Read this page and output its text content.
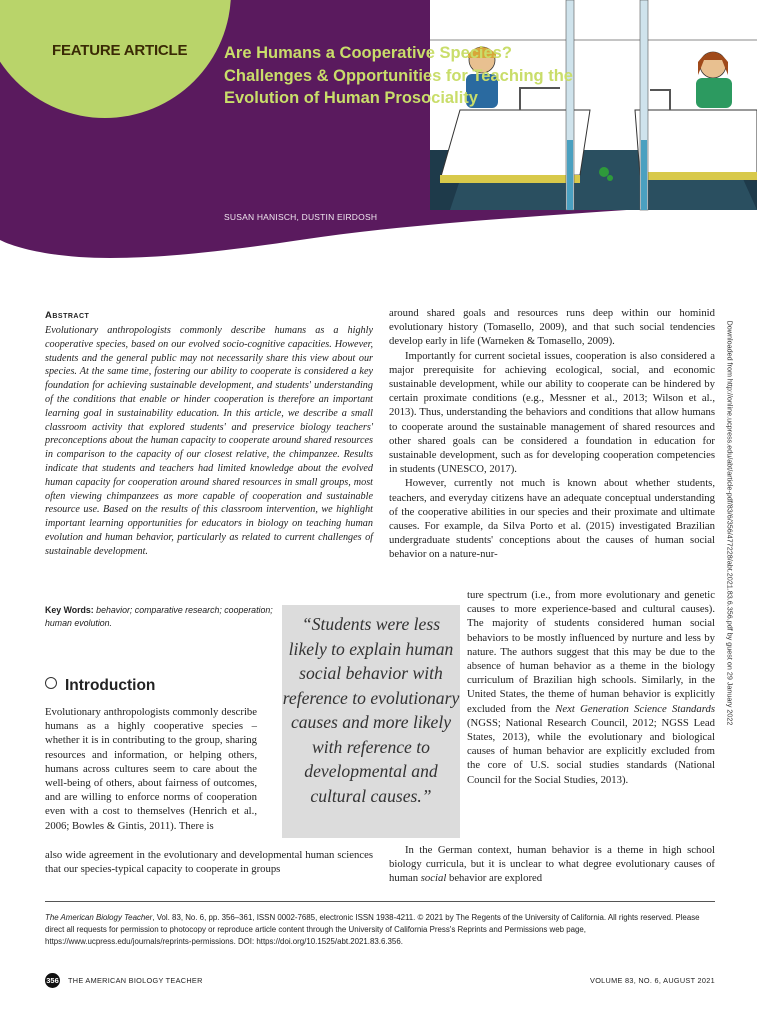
FEATURE ARTICLE Are Humans a Cooperative Species? Challenges & Opportunities for Teaching the Evolution of Human Prosociality
SUSAN HANISCH, DUSTIN EIRDOSH
Downloaded from http://online.ucpress.edu/abt/article-pdf/83/6/356/477228/abt.2021.83.6.356.pdf by guest on 29 January 2022
Abstract
Evolutionary anthropologists commonly describe humans as a highly cooperative species, based on our evolved socio-cognitive capacities. However, students and the general public may not necessarily share this view about our species. At the same time, fostering our ability to cooperate is considered a key foundation for achieving sustainable development, and students' understanding of the conditions that enable or hinder cooperation is therefore an important learning goal in sustainability education. In this article, we describe a small classroom activity that explored students' and preservice biology teachers' preconceptions about the human capacity to cooperate around shared resources in comparison to the capacity of our closest relative, the chimpanzee. Results indicate that students and teachers had limited knowledge about the evolved human capacity for cooperation around shared resources in small groups, most often viewing chimpanzees as more capable of cooperation and sustainable resource use. Based on the results of this classroom intervention, we highlight important learning opportunities for educators in biology on teaching human evolution and human behavior, particularly as related to current challenges of sustainable development.
Key Words: behavior; comparative research; cooperation; human evolution.	“Students were less likely to explain human social behavior with reference to evolutionary causes and more likely with reference to developmental and cultural causes.”
Introduction
Evolutionary anthropologists commonly describe humans as a highly cooperative species – whether it is in contributing to the group, sharing resources and information, or helping others, humans across cultures seem to care about the well-being of others, about fairness of outcomes, and are willing to enforce norms of cooperation even with a cost to themselves (Henrich et al., 2006; Bowles & Gintis, 2011). There is
also wide agreement in the evolutionary and developmental human sciences that our species-typical capacity to cooperate in groups
around shared goals and resources runs deep within our hominid evolutionary history (Tomasello, 2009), and that such social tendencies develop early in life (Warneken & Tomasello, 2009).
Importantly for current societal issues, cooperation is also considered a major prerequisite for achieving ecological, social, and economic sustainable development, while our ability to cooperate can be hindered by certain proximate conditions (e.g., Messner et al., 2013; Wilson et al., 2013). Thus, understanding the behaviors and conditions that allow humans to cooperate around the sustainable management of shared resources and other shared goals can be considered a foundation in education for sustainable development, such as for developing cooperation competencies in students (UNESCO, 2017).
However, currently not much is known about whether students, teachers, and everyday citizens have an adequate conceptual understanding of the cooperative abilities in our species and their proximate and ultimate causes. For example, da Silva Porto et al. (2015) investigated Brazilian undergraduate students' conceptions about the causes of human social behavior on a nature-nur-
ture spectrum (i.e., from more evolutionary and genetic causes to more experience-based and cultural causes). The majority of students considered human social behaviors to be mostly influenced by nurture and less by nature. The authors suggest that this may be due to the absence of human behavior as a theme in the biology curriculum of Brazilian high schools. Similarly, in the United States, the theme of human behavior is explicitly excluded from the Next Generation Science Standards (NGSS; National Research Council, 2012; NGSS Lead States, 2013), while the evolutionary and biological causes of human behavior are explicitly excluded from the core of U.S. social studies standards (National Council for the Social Studies, 2013).
In the German context, human behavior is a theme in high school biology curricula, but it is unclear to what degree evolutionary causes of human social behavior are explored
The American Biology Teacher, Vol. 83, No. 6, pp. 356–361, ISSN 0002-7685, electronic ISSN 1938-4211. © 2021 by The Regents of the University of California. All rights reserved. Please direct all requests for permission to photocopy or reproduce article content through the University of California Press's Reprints and Permissions web page, https://www.ucpress.edu/journals/reprints-permissions. DOI: https://doi.org/10.1525/abt.2021.83.6.356.
356 THE AMERICAN BIOLOGY TEACHER	VOLUME 83, NO. 6, AUGUST 2021
